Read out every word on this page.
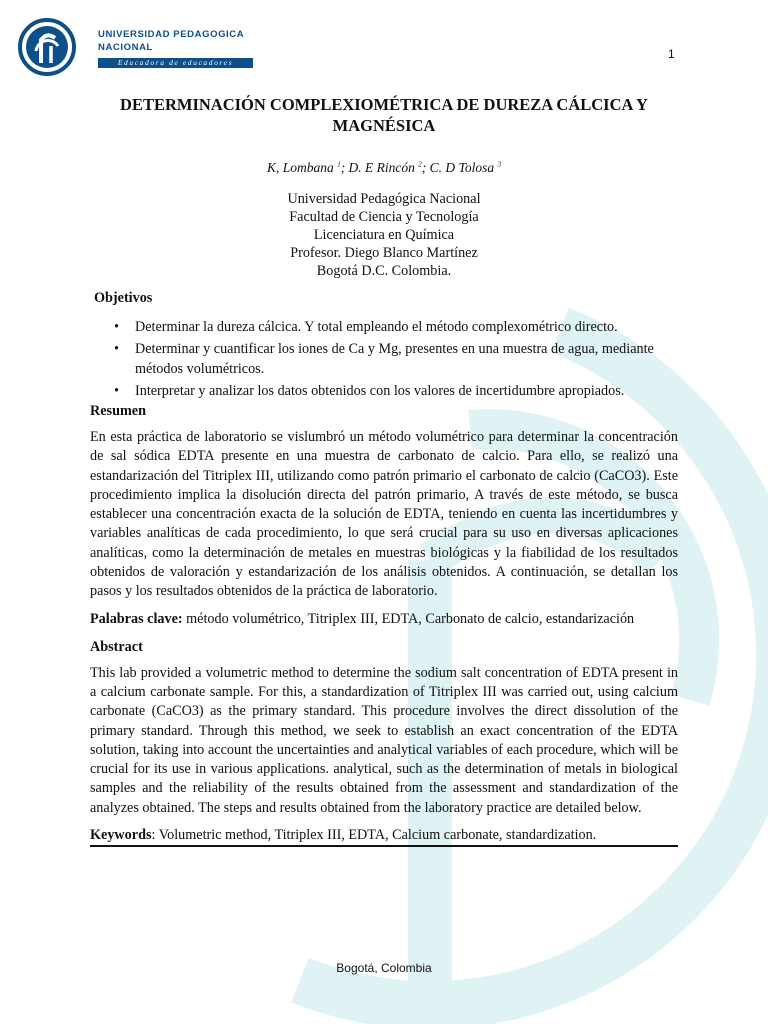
UNIVERSIDAD PEDAGOGICA
NACIONAL
Educadora de educadores
1
DETERMINACIÓN COMPLEXIOMÉTRICA DE DUREZA CÁLCICA Y MAGNÉSICA

K, Lombana $^1$; D. E Rincón $^2$; C. D Tolosa $^3$

Universidad Pedagógica Nacional
Facultad de Ciencia y Tecnología
Licenciatura en Química
Profesor. Diego Blanco Martínez
Bogotá D.C. Colombia.
Objetivos
• Determinar la dureza cálcica. Y total empleando el método complexométrico directo.
• Determinar y cuantificar los iones de Ca y Mg, presentes en una muestra de agua, mediante métodos volumétricos.
• Interpretar y analizar los datos obtenidos con los valores de incertidumbre apropiados.
Resumen

En esta práctica de laboratorio se vislumbró un método volumétrico para determinar la concentración de sal sódica EDTA presente en una muestra de carbonato de calcio. Para ello, se realizó una estandarización del Titriplex III, utilizando como patrón primario el carbonato de calcio (CaCO3). Este procedimiento implica la disolución directa del patrón primario, A través de este método, se busca establecer una concentración exacta de la solución de EDTA, teniendo en cuenta las incertidumbres y variables analíticas de cada procedimiento, lo que será crucial para su uso en diversas aplicaciones analíticas, como la determinación de metales en muestras biológicas y la fiabilidad de los resultados obtenidos de valoración y estandarización de los análisis obtenidos. A continuación, se detallan los pasos y los resultados obtenidos de la práctica de laboratorio.

Palabras clave: método volumétrico, Titriplex III, EDTA, Carbonato de calcio, estandarización

Abstract

This lab provided a volumetric method to determine the sodium salt concentration of EDTA present in a calcium carbonate sample. For this, a standardization of Titriplex III was carried out, using calcium carbonate (CaCO3) as the primary standard. This procedure involves the direct dissolution of the primary standard. Through this method, we seek to establish an exact concentration of the EDTA solution, taking into account the uncertainties and analytical variables of each procedure, which will be crucial for its use in various applications. analytical, such as the determination of metals in biological samples and the reliability of the results obtained from the assessment and standardization of the analyzes obtained. The steps and results obtained from the laboratory practice are detailed below.

Keywords: Volumetric method, Titriplex III, EDTA, Calcium carbonate, standardization.

Bogotá, Colombia
